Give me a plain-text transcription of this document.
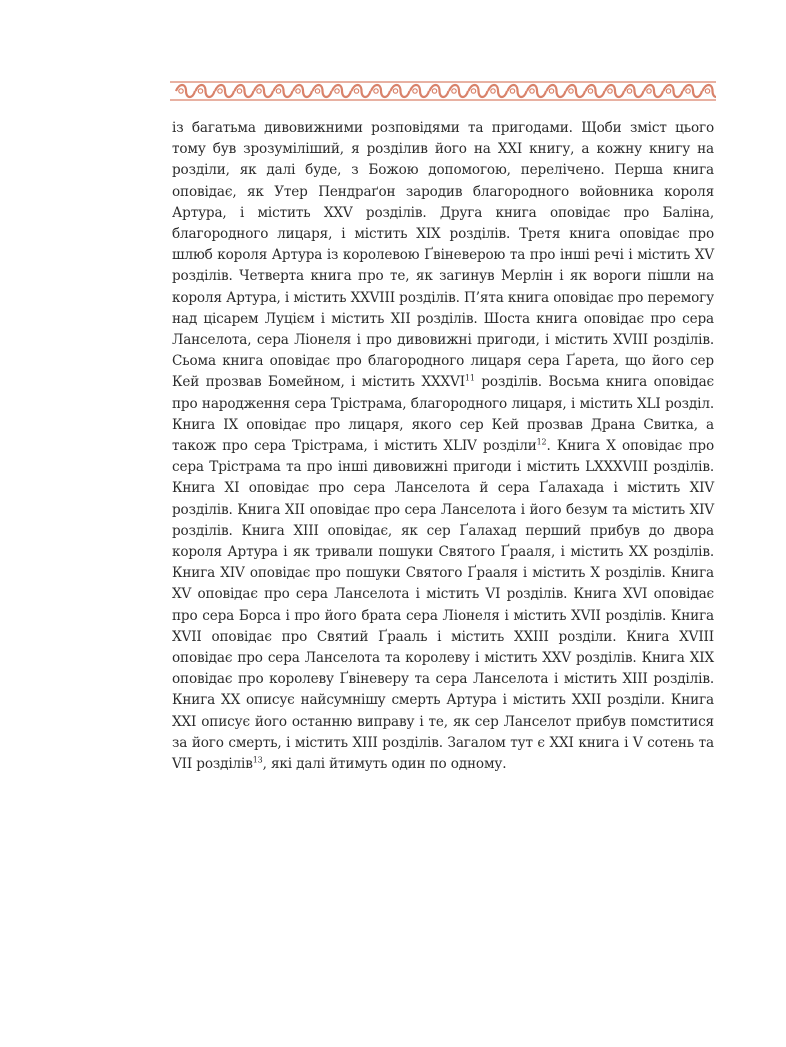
із багатьма дивовижними розповідями та пригодами. Щоби зміст цього тому був зрозуміліший, я розділив його на XXI книгу, а кожну книгу на розділи, як далі буде, з Божою допомогою, перелічено. Перша книга оповідає, як Утер Пендраґон зародив благородного войовника короля Артура, і містить XXV розділів. Друга книга оповідає про Баліна, благородного лицаря, і містить XIX розділів. Третя книга оповідає про шлюб короля Артура із королевою Ґвіневерою та про інші речі і містить XV розділів. Четверта книга про те, як загинув Мерлін і як вороги пішли на короля Артура, і містить XXVIII розділів. П’ята книга оповідає про перемогу над цісарем Луцієм і містить XII розділів. Шоста книга оповідає про сера Ланселота, сера Ліонеля і про дивовижні пригоди, і містить XVIII розділів. Сьома книга оповідає про благородного лицаря сера Ґарета, що його сер Кей прозвав Бомейном, і містить XXXVI$^{11}$ розділів. Восьма книга оповідає про народження сера Трістрама, благородного лицаря, і містить XLI розділ. Книга IX оповідає про лицаря, якого сер Кей прозвав Драна Свитка, а також про сера Трістрама, і містить XLIV розділи$^{12}$. Книга X оповідає про сера Трістрама та про інші дивовижні пригоди і містить LXXXVIII розділів. Книга XI оповідає про сера Ланселота й сера Ґалахада і містить XIV розділів. Книга XII оповідає про сера Ланселота і його безум та містить XIV розділів. Книга XIII оповідає, як сер Ґалахад перший прибув до двора короля Артура і як тривали пошуки Святого Ґрааля, і містить XX розділів. Книга XIV оповідає про пошуки Святого Ґрааля і містить X розділів. Книга XV оповідає про сера Ланселота і містить VI розділів. Книга XVI оповідає про сера Борса і про його брата сера Ліонеля і містить XVII розділів. Книга XVII оповідає про Святий Ґрааль і містить XXIII розділи. Книга XVIII оповідає про сера Ланселота та королеву і містить XXV розділів. Книга XIX оповідає про королеву Ґвіневеру та сера Ланселота і містить XIII розділів. Книга XX описує найсумнішу смерть Артура і містить XXII розділи. Книга XXI описує його останню виправу і те, як сер Ланселот прибув помститися за його смерть, і містить XIII розділів. Загалом тут є XXI книга і V сотень та VII розділів$^{13}$, які далі йтимуть один по одному.
